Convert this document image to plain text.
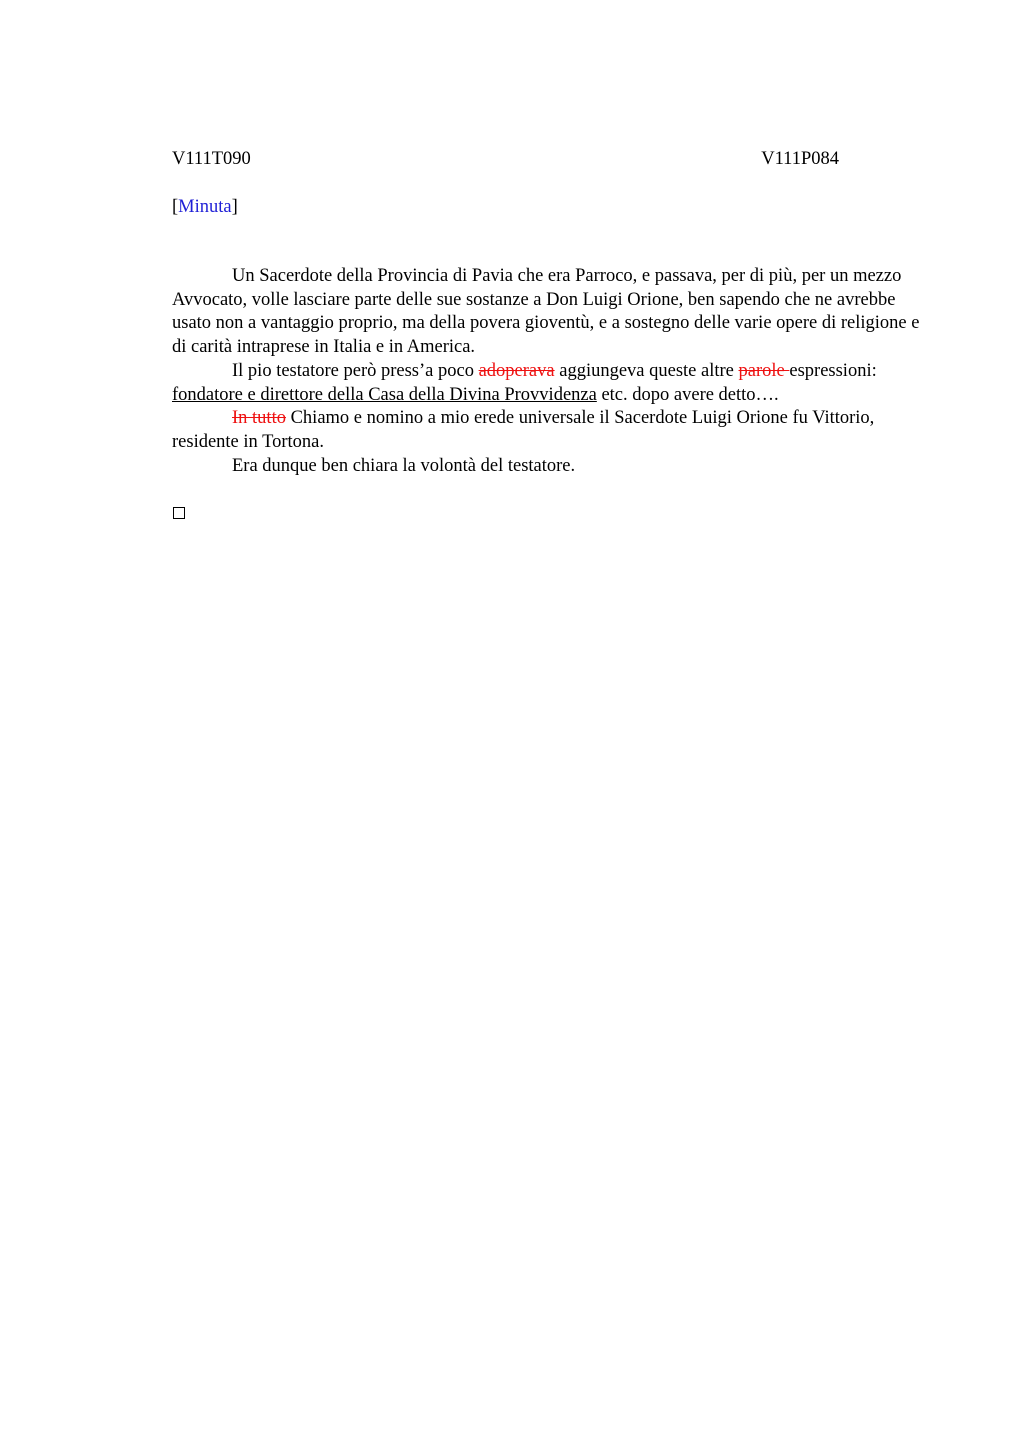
V111T090	V111P084
[Minuta]

Un Sacerdote della Provincia di Pavia che era Parroco, e passava, per di più, per un mezzo Avvocato, volle lasciare parte delle sue sostanze a Don Luigi Orione, ben sapendo che ne avrebbe usato non a vantaggio proprio, ma della povera gioventù, e a sostegno delle varie opere di religione e di carità intraprese in Italia e in America.

Il pio testatore però press’a poco adoperava aggiungeva queste altre parole espressioni: fondatore e direttore della Casa della Divina Provvidenza etc. dopo avere detto….

In tutto Chiamo e nomino a mio erede universale il Sacerdote Luigi Orione fu Vittorio, residente in Tortona.

Era dunque ben chiara la volontà del testatore.
